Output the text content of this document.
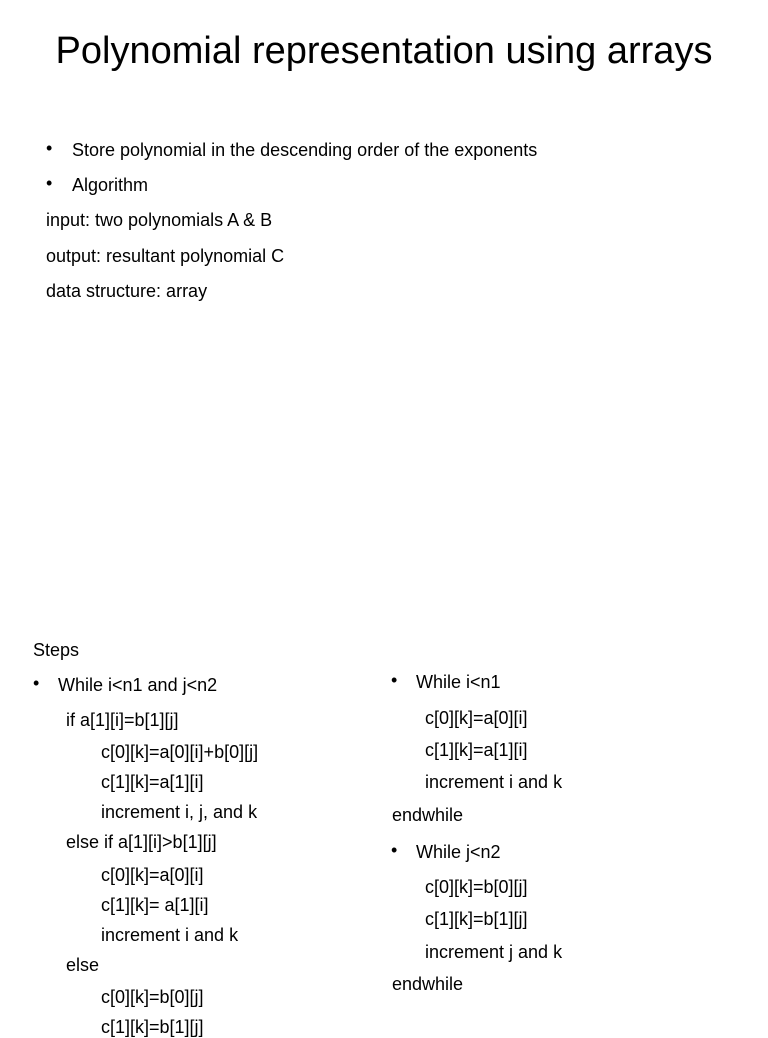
Polynomial representation using arrays
• Store polynomial in the descending order of the exponents
• Algorithm
input: two polynomials A & B
output: resultant polynomial C
data structure: array
Steps
• While i<n1 and j<n2
if a[1][i]=b[1][j]
c[0][k]=a[0][i]+b[0][j]
c[1][k]=a[1][i]
increment i, j, and k
else if a[1][i]>b[1][j]
c[0][k]=a[0][i]
c[1][k]= a[1][i]
increment i and k
else
c[0][k]=b[0][j]
c[1][k]=b[1][j]
• While i<n1
c[0][k]=a[0][i]
c[1][k]=a[1][i]
increment i and k
endwhile
• While j<n2
c[0][k]=b[0][j]
c[1][k]=b[1][j]
increment j and k
endwhile
